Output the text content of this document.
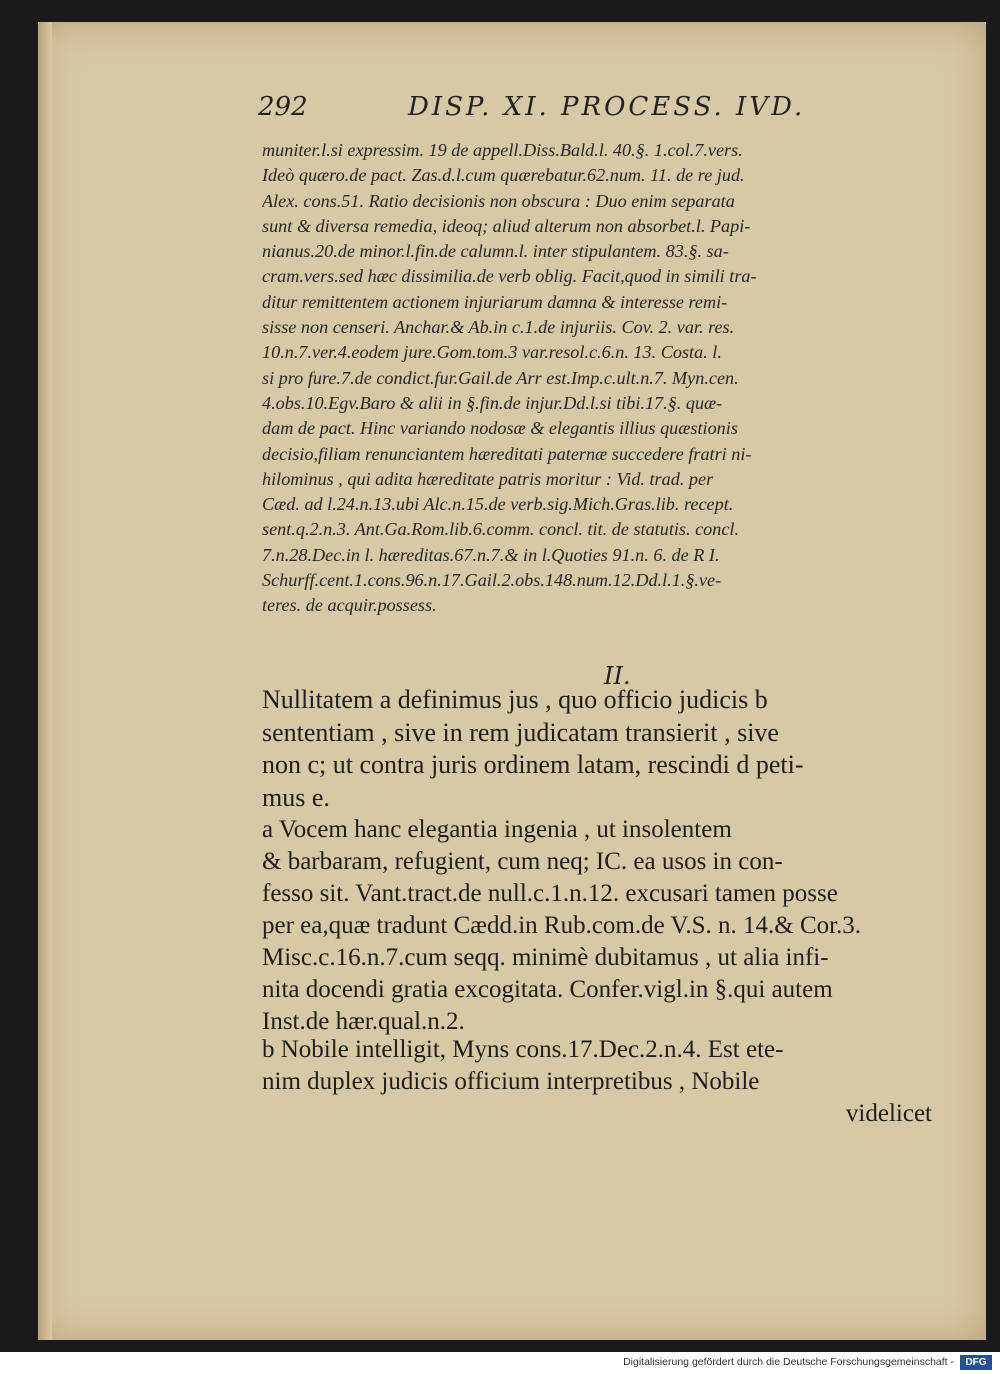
292	DISP. XI. PROCESS. IVD.
muniter.l.si expressim. 19 de appell.Diss.Bald.l. 40.§. 1.col.7.vers.
Ideò quæro.de pact. Zas.d.l.cum quærebatur.62.num. 11. de re jud.
Alex. cons.51. Ratio decisionis non obscura : Duo enim separata
sunt & diversa remedia, ideoq; aliud alterum non absorbet.l. Papi-
nianus.20.de minor.l.fin.de calumn.l. inter stipulantem. 83.§. sa-
cram.vers.sed hæc dissimilia.de verb oblig. Facit,quod in simili tra-
ditur remittentem actionem injuriarum damna & interesse remi-
sisse non censeri. Anchar.& Ab.in c.1.de injuriis. Cov. 2. var. res.
10.n.7.ver.4.eodem jure.Gom.tom.3 var.resol.c.6.n. 13. Costa. l.
si pro fure.7.de condict.fur.Gail.de Arr est.Imp.c.ult.n.7. Myn.cen.
4.obs.10.Egv.Baro & alii in §.fin.de injur.Dd.l.si tibi.17.§. quæ-
dam de pact. Hinc variando nodosæ & elegantis illius quæstionis
decisio,filiam renunciantem hæreditati paternæ succedere fratri ni-
hilominus , qui adita hæreditate patris moritur : Vid. trad. per
Cæd. ad l.24.n.13.ubi Alc.n.15.de verb.sig.Mich.Gras.lib. recept.
sent.q.2.n.3. Ant.Ga.Rom.lib.6.comm. concl. tit. de statutis. concl.
7.n.28.Dec.in l. hæreditas.67.n.7.& in l.Quoties 91.n. 6. de R I.
Schurff.cent.1.cons.96.n.17.Gail.2.obs.148.num.12.Dd.l.1.§.ve-
teres. de acquir.possess.
II.
Nullitatem a definimus jus , quo officio judicis b
sententiam , sive in rem judicatam transierit , sive
non c; ut contra juris ordinem latam, rescindi d peti-
mus e.
a Vocem hanc elegantia ingenia , ut insolentem
& barbaram, refugient, cum neq; IC. ea usos in con-
fesso sit. Vant.tract.de null.c.1.n.12. excusari tamen posse
per ea,quæ tradunt Cædd.in Rub.com.de V.S. n. 14.& Cor.3.
Misc.c.16.n.7.cum seqq. minimè dubitamus , ut alia infi-
nita docendi gratia excogitata. Confer.vigl.in §.qui autem
Inst.de hær.qual.n.2.
b Nobile intelligit, Myns cons.17.Dec.2.n.4. Est ete-
nim duplex judicis officium interpretibus , Nobile
videlicet
Digitalisierung gefördert durch die Deutsche Forschungsgemeinschaft -	DFG
